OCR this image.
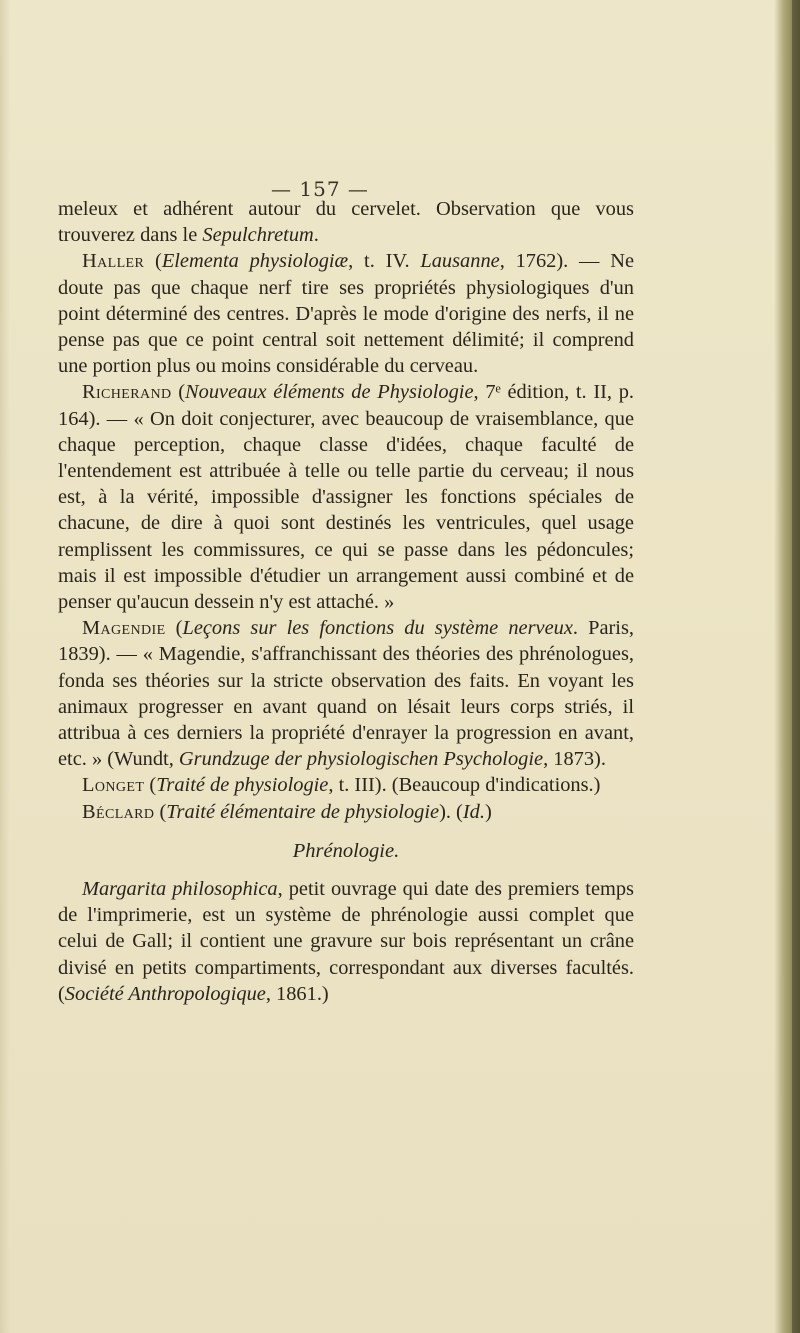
— 157 —

meleux et adhérent autour du cervelet. Observation que vous trouverez dans le Sepulchretum.

Haller (Elementa physiologiæ, t. IV. Lausanne, 1762). — Ne doute pas que chaque nerf tire ses propriétés physiologiques d'un point déterminé des centres. D'après le mode d'origine des nerfs, il ne pense pas que ce point central soit nettement délimité; il comprend une portion plus ou moins considérable du cerveau.

Richerand (Nouveaux éléments de Physiologie, 7ᵉ édition, t. II, p. 164). — « On doit conjecturer, avec beaucoup de vraisemblance, que chaque perception, chaque classe d'idées, chaque faculté de l'entendement est attribuée à telle ou telle partie du cerveau; il nous est, à la vérité, impossible d'assigner les fonctions spéciales de chacune, de dire à quoi sont destinés les ventricules, quel usage remplissent les commissures, ce qui se passe dans les pédoncules; mais il est impossible d'étudier un arrangement aussi combiné et de penser qu'aucun dessein n'y est attaché. »

Magendie (Leçons sur les fonctions du système nerveux. Paris, 1839). — « Magendie, s'affranchissant des théories des phrénologues, fonda ses théories sur la stricte observation des faits. En voyant les animaux progresser en avant quand on lésait leurs corps striés, il attribua à ces derniers la propriété d'enrayer la progression en avant, etc. » (Wundt, Grundzuge der physiologischen Psychologie, 1873).

Longet (Traité de physiologie, t. III). (Beaucoup d'indications.)

Béclard (Traité élémentaire de physiologie). (Id.)

Phrénologie.

Margarita philosophica, petit ouvrage qui date des premiers temps de l'imprimerie, est un système de phrénologie aussi complet que celui de Gall; il contient une gravure sur bois représentant un crâne divisé en petits compartiments, correspondant aux diverses facultés. (Société Anthropologique, 1861.)
